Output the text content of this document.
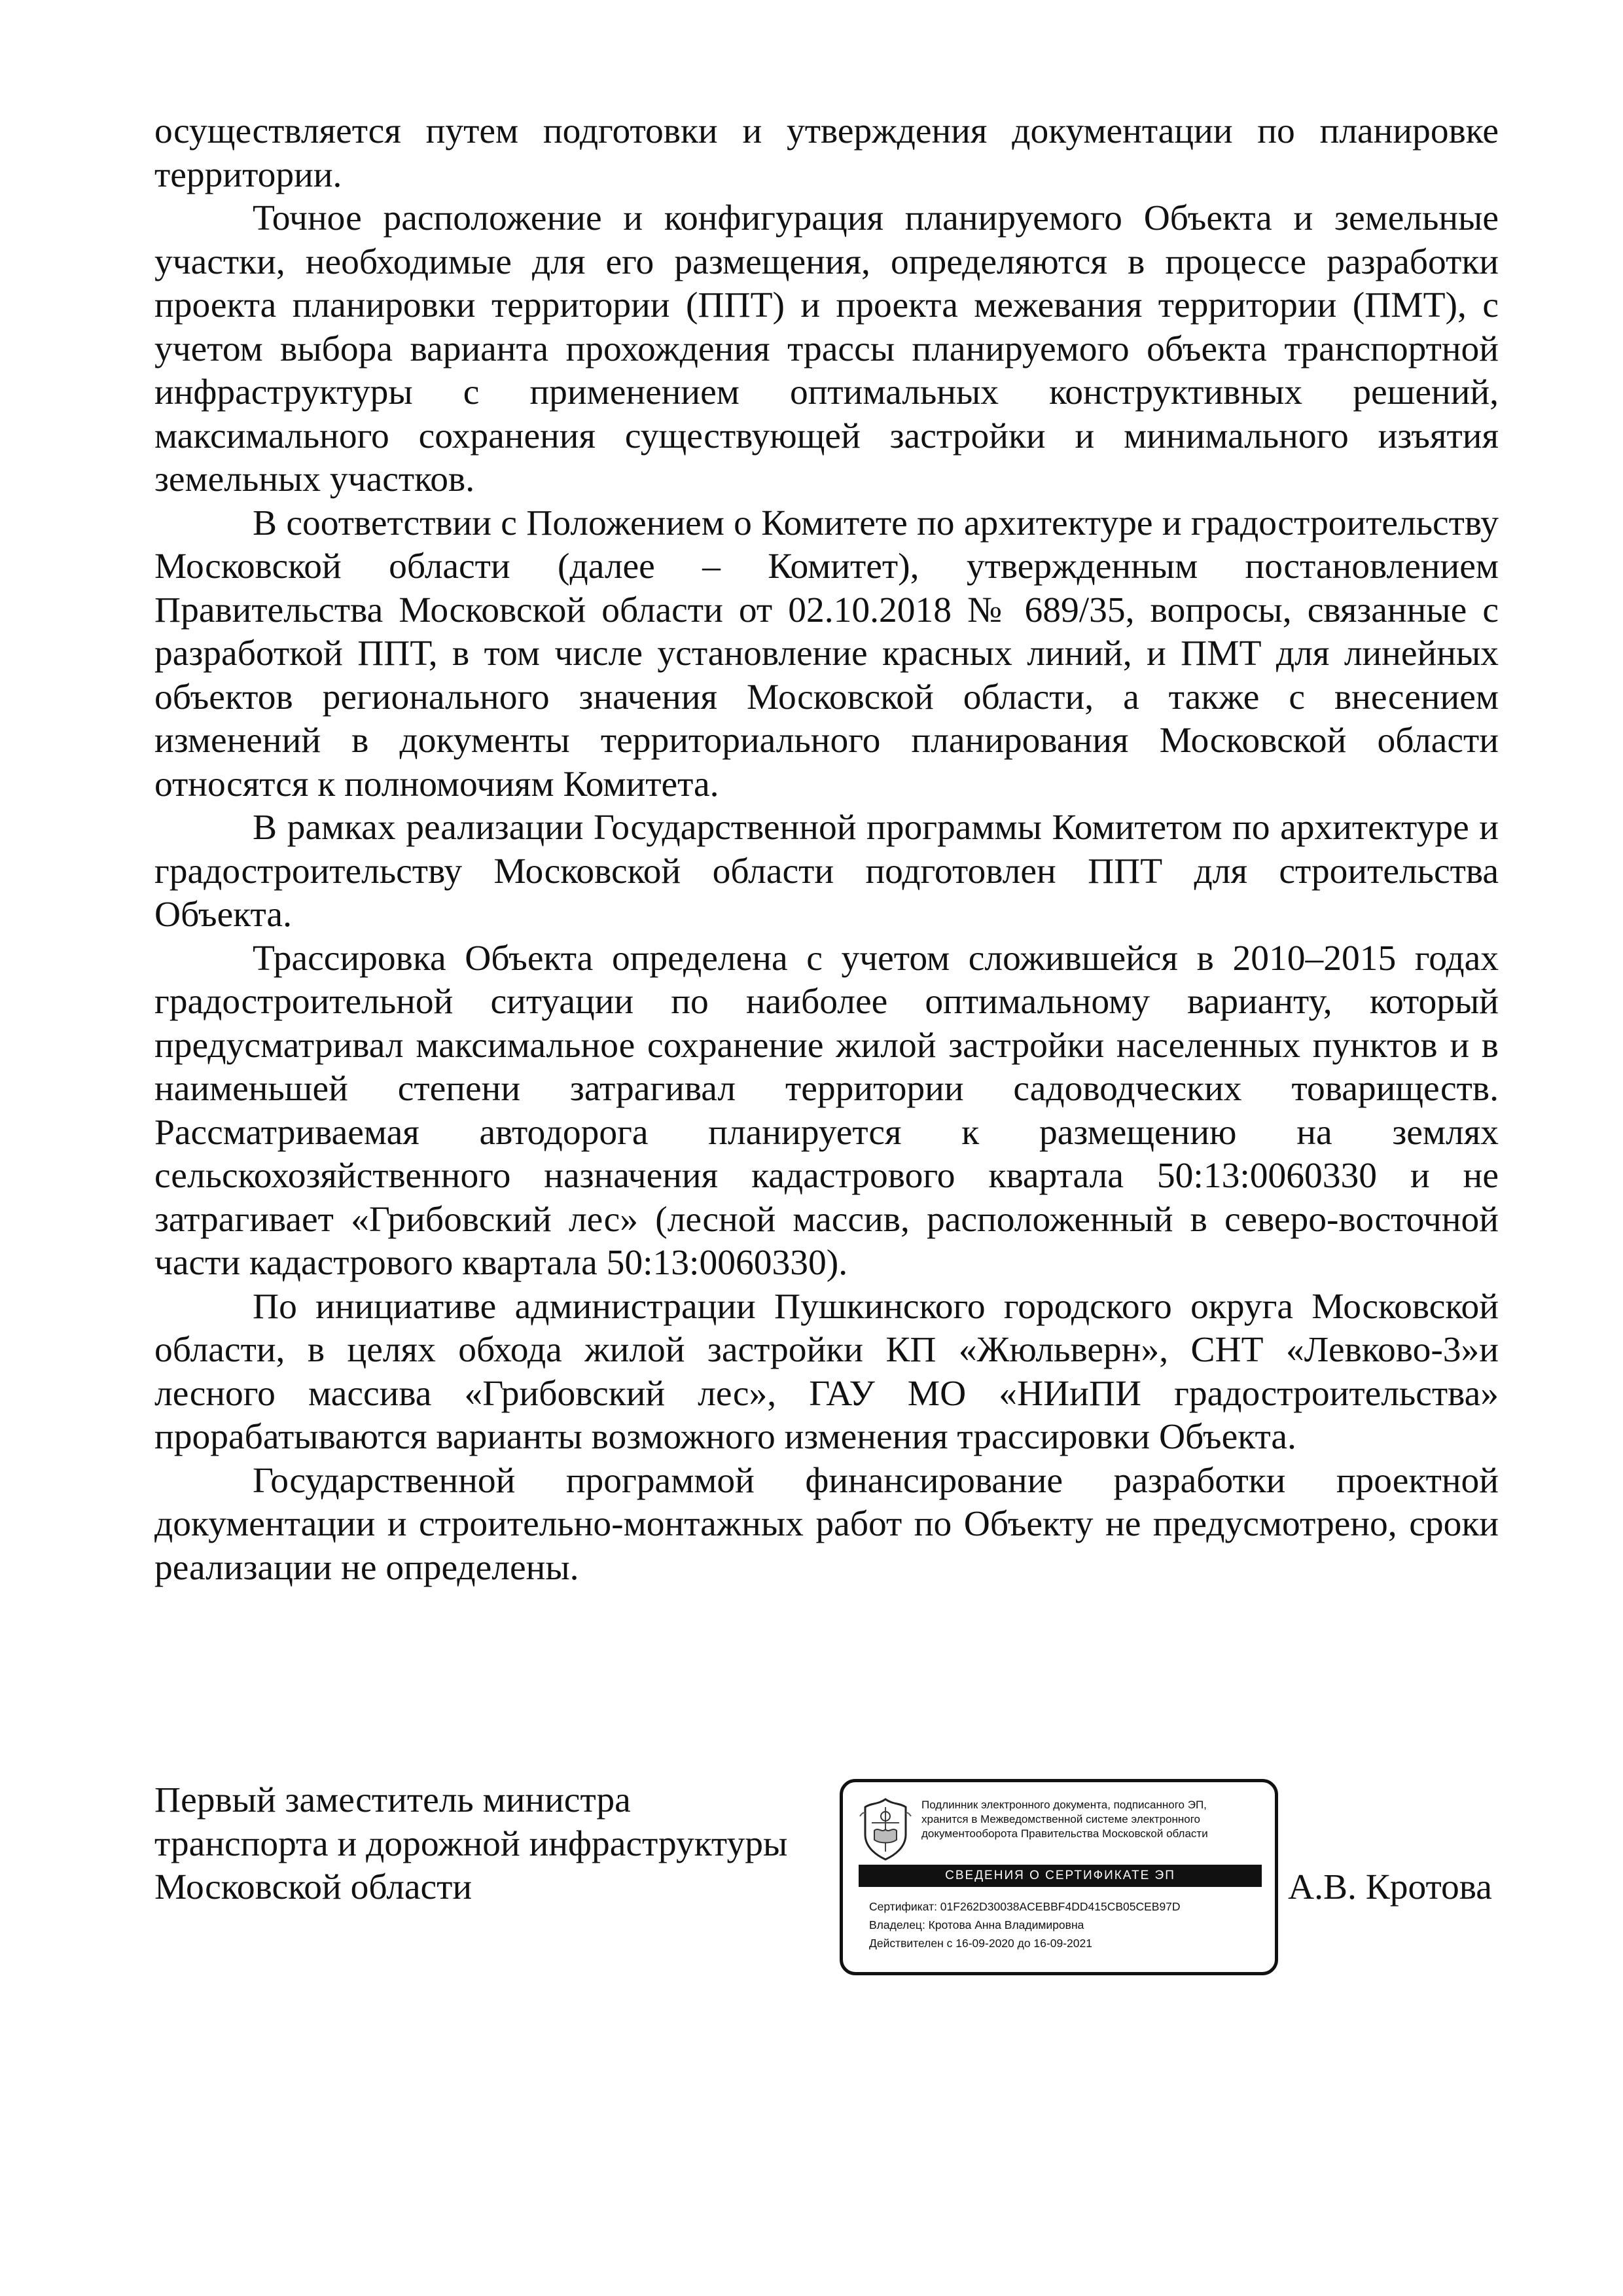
осуществляется путем подготовки и утверждения документации по планировке территории.

Точное расположение и конфигурация планируемого Объекта и земельные участки, необходимые для его размещения, определяются в процессе разработки проекта планировки территории (ППТ) и проекта межевания территории (ПМТ), с учетом выбора варианта прохождения трассы планируемого объекта транспортной инфраструктуры с применением оптимальных конструктивных решений, максимального сохранения существующей застройки и минимального изъятия земельных участков.

В соответствии с Положением о Комитете по архитектуре и градостроительству Московской области (далее – Комитет), утвержденным постановлением Правительства Московской области от 02.10.2018 № 689/35, вопросы, связанные с разработкой ППТ, в том числе установление красных линий, и ПМТ для линейных объектов регионального значения Московской области, а также с внесением изменений в документы территориального планирования Московской области относятся к полномочиям Комитета.

В рамках реализации Государственной программы Комитетом по архитектуре и градостроительству Московской области подготовлен ППТ для строительства Объекта.

Трассировка Объекта определена с учетом сложившейся в 2010–2015 годах градостроительной ситуации по наиболее оптимальному варианту, который предусматривал максимальное сохранение жилой застройки населенных пунктов и в наименьшей степени затрагивал территории садоводческих товариществ. Рассматриваемая автодорога планируется к размещению на землях сельскохозяйственного назначения кадастрового квартала 50:13:0060330 и не затрагивает «Грибовский лес» (лесной массив, расположенный в северо-восточной части кадастрового квартала 50:13:0060330).

По инициативе администрации Пушкинского городского округа Московской области, в целях обхода жилой застройки КП «Жюльверн», СНТ «Левково-3»и лесного массива «Грибовский лес», ГАУ МО «НИиПИ градостроительства» прорабатываются варианты возможного изменения трассировки Объекта.

Государственной программой финансирование разработки проектной документации и строительно-монтажных работ по Объекту не предусмотрено, сроки реализации не определены.

Первый заместитель министра
транспорта и дорожной инфраструктуры
Московской области
Подлинник электронного документа, подписанного ЭП,
хранится в Межведомственной системе электронного
документооборота Правительства Московской области
СВЕДЕНИЯ О СЕРТИФИКАТЕ ЭП
Сертификат: 01F262D30038ACEBBF4DD415CB05CEB97D
Владелец: Кротова Анна Владимировна
Действителен с 16-09-2020 до 16-09-2021
А.В. Кротова
